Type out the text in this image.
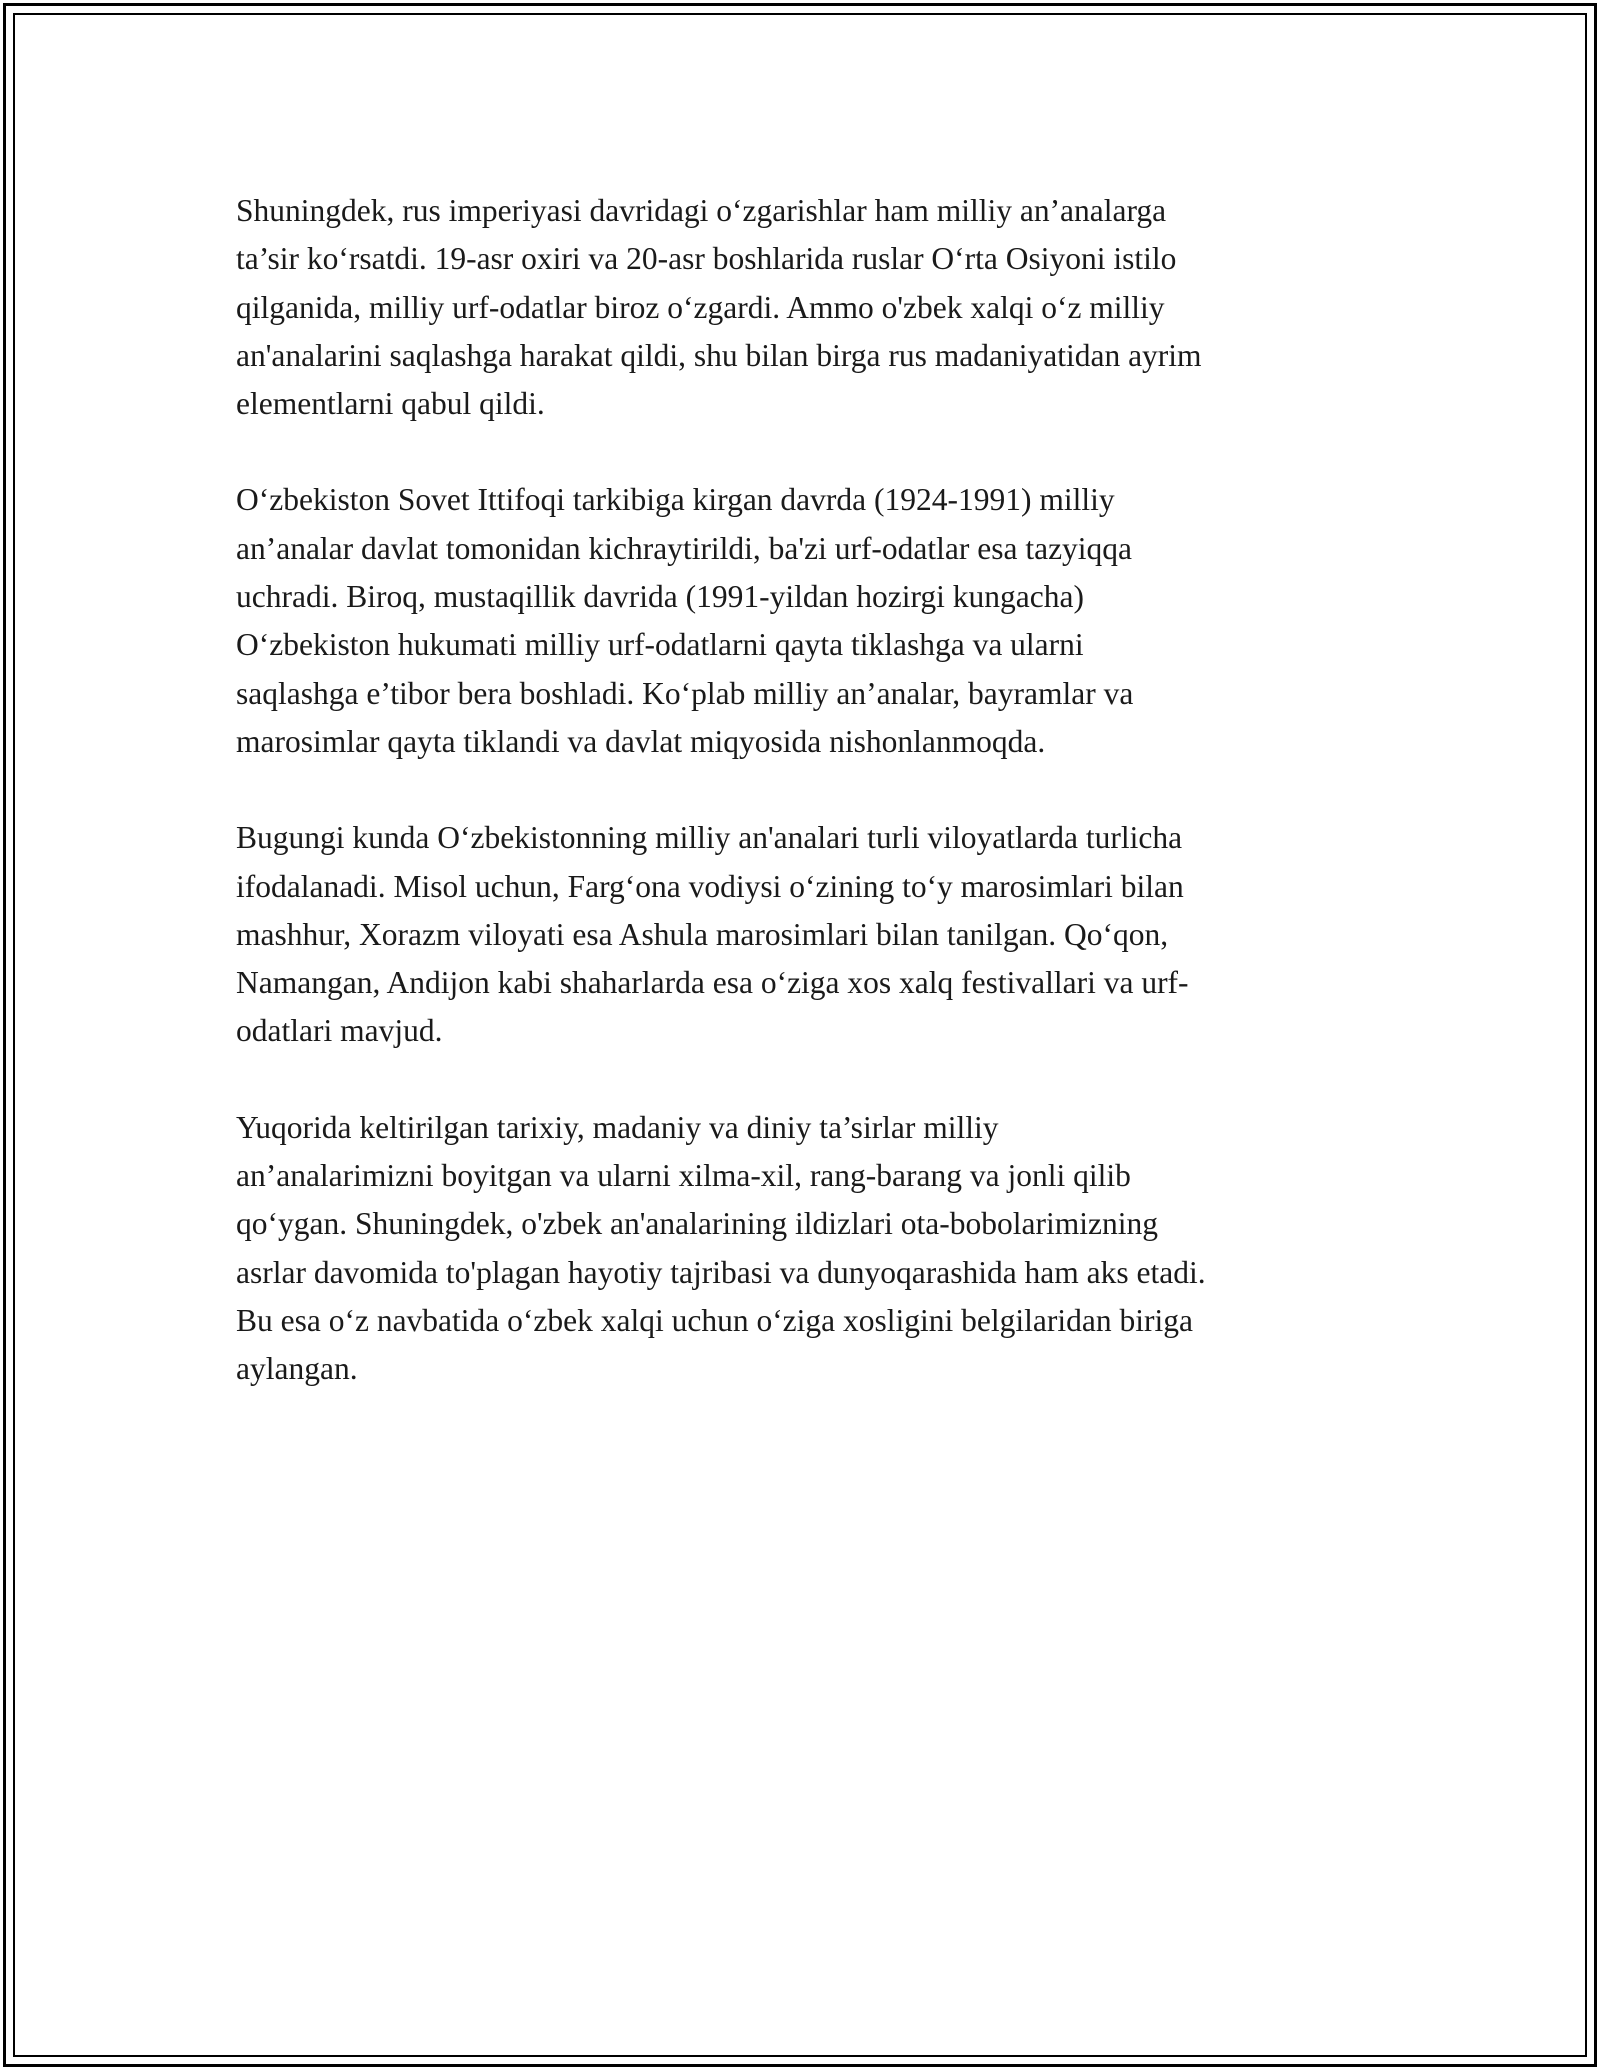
Shuningdek, rus imperiyasi davridagi o‘zgarishlar ham milliy an’analarga
ta’sir ko‘rsatdi. 19-asr oxiri va 20-asr boshlarida ruslar O‘rta Osiyoni istilo
qilganida, milliy urf-odatlar biroz o‘zgardi. Ammo o'zbek xalqi o‘z milliy
an'analarini saqlashga harakat qildi, shu bilan birga rus madaniyatidan ayrim
elementlarni qabul qildi.

O‘zbekiston Sovet Ittifoqi tarkibiga kirgan davrda (1924-1991) milliy
an’analar davlat tomonidan kichraytirildi, ba'zi urf-odatlar esa tazyiqqa
uchradi. Biroq, mustaqillik davrida (1991-yildan hozirgi kungacha)
O‘zbekiston hukumati milliy urf-odatlarni qayta tiklashga va ularni
saqlashga e’tibor bera boshladi. Ko‘plab milliy an’analar, bayramlar va
marosimlar qayta tiklandi va davlat miqyosida nishonlanmoqda.

Bugungi kunda O‘zbekistonning milliy an'analari turli viloyatlarda turlicha
ifodalanadi. Misol uchun, Farg‘ona vodiysi o‘zining to‘y marosimlari bilan
mashhur, Xorazm viloyati esa Ashula marosimlari bilan tanilgan. Qo‘qon,
Namangan, Andijon kabi shaharlarda esa o‘ziga xos xalq festivallari va urf-
odatlari mavjud.

Yuqorida keltirilgan tarixiy, madaniy va diniy ta’sirlar milliy
an’analarimizni boyitgan va ularni xilma-xil, rang-barang va jonli qilib
qo‘ygan. Shuningdek, o'zbek an'analarining ildizlari ota-bobolarimizning
asrlar davomida to'plagan hayotiy tajribasi va dunyoqarashida ham aks etadi.
Bu esa o‘z navbatida o‘zbek xalqi uchun o‘ziga xosligini belgilaridan biriga
aylangan.
